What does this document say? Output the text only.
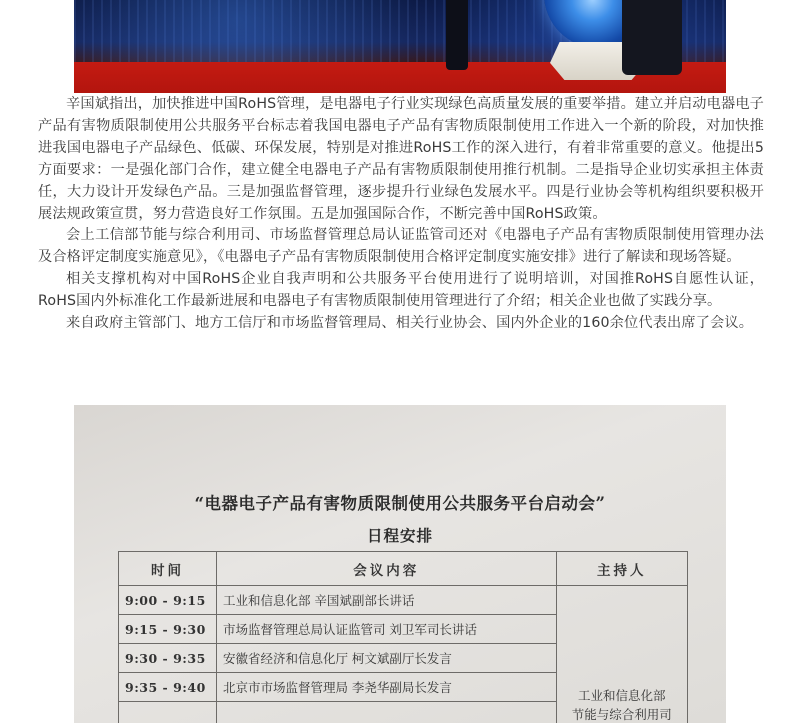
辛国斌指出，加快推进中国RoHS管理，是电器电子行业实现绿色高质量发展的重要举措。建立并启动电器电子产品有害物质限制使用公共服务平台标志着我国电器电子产品有害物质限制使用工作进入一个新的阶段，对加快推进我国电器电子产品绿色、低碳、环保发展，特别是对推进RoHS工作的深入进行，有着非常重要的意义。他提出5方面要求：一是强化部门合作，建立健全电器电子产品有害物质限制使用推行机制。二是指导企业切实承担主体责任，大力设计开发绿色产品。三是加强监督管理，逐步提升行业绿色发展水平。四是行业协会等机构组织要积极开展法规政策宣贯，努力营造良好工作氛围。五是加强国际合作，不断完善中国RoHS政策。

会上工信部节能与综合利用司、市场监督管理总局认证监管司还对《电器电子产品有害物质限制使用管理办法及合格评定制度实施意见》，《电器电子产品有害物质限制使用合格评定制度实施安排》进行了解读和现场答疑。

相关支撑机构对中国RoHS企业自我声明和公共服务平台使用进行了说明培训，对国推RoHS自愿性认证，RoHS国内外标准化工作最新进展和电器电子有害物质限制使用管理进行了介绍；相关企业也做了实践分享。

来自政府主管部门、地方工信厅和市场监督管理局、相关行业协会、国内外企业的160余位代表出席了会议。

“电器电子产品有害物质限制使用公共服务平台启动会”
日程安排
时间	会议内容	主持人
9:00 - 9:15	工业和信息化部 辛国斌副部长讲话	工业和信息化部
节能与综合利用司

9:15 - 9:30	市场监督管理总局认证监管司 刘卫军司长讲话	
9:30 - 9:35	安徽省经济和信息化厅 柯文斌副厅长发言	
9:35 - 9:40	北京市市场监督管理局 李尧华副局长发言	
